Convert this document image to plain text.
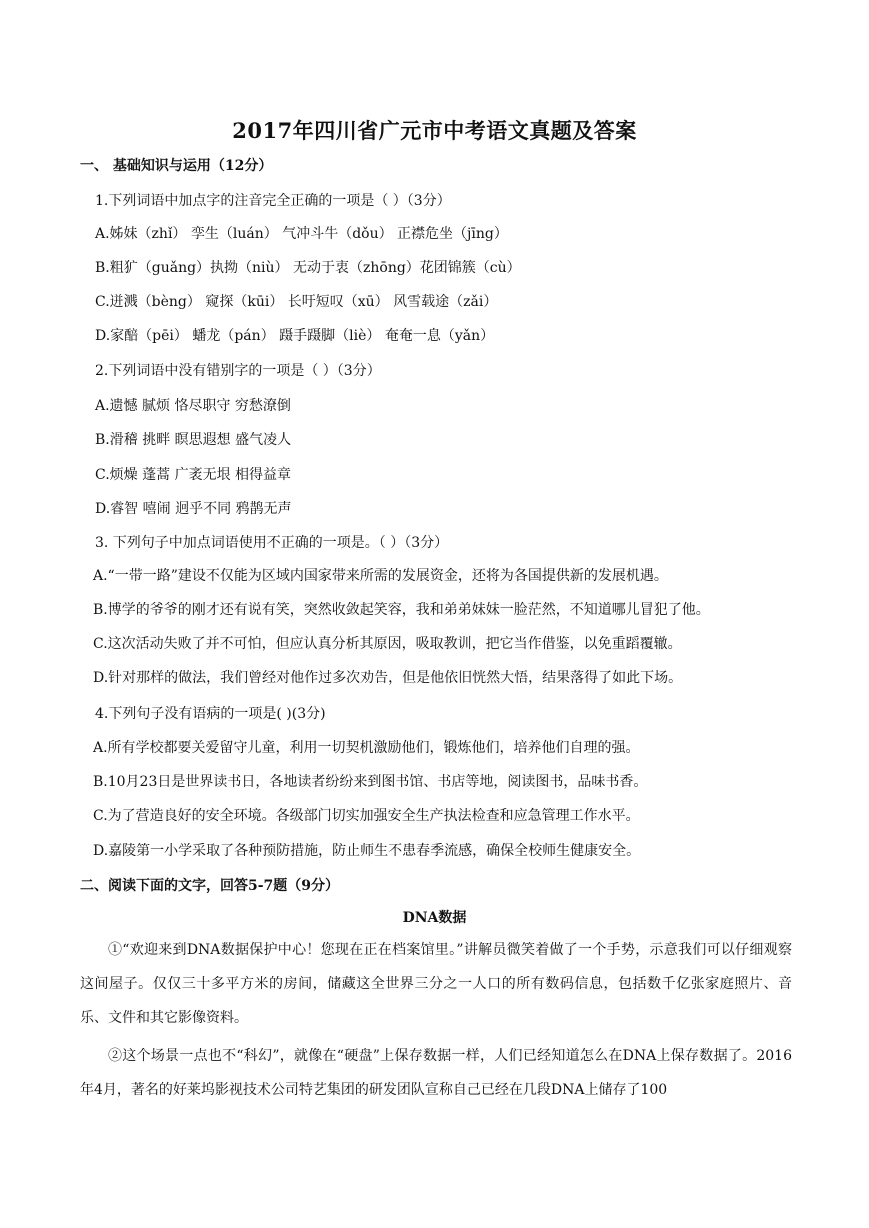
2017年四川省广元市中考语文真题及答案
一、 基础知识与运用（12分）
1.下列词语中加点字的注音完全正确的一项是（ ）（3分）
A.姊妹（zhǐ） 孪生（luán） 气冲斗牛（dǒu） 正襟危坐（jīng）
B.粗犷（guǎng）执拗（niù） 无动于衷（zhōng）花团锦簇（cù）
C.迸溅（bèng） 窥探（kūi） 长吁短叹（xū） 风雪载途（zǎi）
D.家醅（pēi） 蟠龙（pán） 蹑手蹑脚（liè） 奄奄一息（yǎn）
2.下列词语中没有错别字的一项是（ ）（3分）
A.遗憾 腻烦 恪尽职守 穷愁潦倒
B.滑稽 挑畔 瞑思遐想 盛气凌人
C.烦燥 蓬蒿 广袤无垠 相得益章
D.睿智 嘻闹 迥乎不同 鸦鹊无声
3. 下列句子中加点词语使用不正确的一项是。（ ）（3分）
A.“一带一路”建设不仅能为区域内国家带来所需的发展资金，还将为各国提供新的发展机遇。
B.博学的爷爷的刚才还有说有笑，突然收敛起笑容，我和弟弟妹妹一脸茫然，不知道哪儿冒犯了他。
C.这次活动失败了并不可怕，但应认真分析其原因，吸取教训，把它当作借鉴，以免重蹈覆辙。
D.针对那样的做法，我们曾经对他作过多次劝告，但是他依旧恍然大悟，结果落得了如此下场。
4.下列句子没有语病的一项是( )(3分)
A.所有学校都要关爱留守儿童，利用一切契机激励他们，锻炼他们，培养他们自理的强。
B.10月23日是世界读书日，各地读者纷纷来到图书馆、书店等地，阅读图书，品味书香。
C.为了营造良好的安全环境。各级部门切实加强安全生产执法检查和应急管理工作水平。
D.嘉陵第一小学采取了各种预防措施，防止师生不患春季流感，确保全校师生健康安全。
二、阅读下面的文字，回答5-7题（9分）
DNA数据
①“欢迎来到DNA数据保护中心！您现在正在档案馆里。”讲解员微笑着做了一个手势，示意我们可以仔细观察这间屋子。仅仅三十多平方米的房间，储藏这全世界三分之一人口的所有数码信息，包括数千亿张家庭照片、音乐、文件和其它影像资料。
②这个场景一点也不“科幻”，就像在“硬盘”上保存数据一样，人们已经知道怎么在DNA上保存数据了。2016年4月，著名的好莱坞影视技术公司特艺集团的研发团队宣称自己已经在几段DNA上储存了100
